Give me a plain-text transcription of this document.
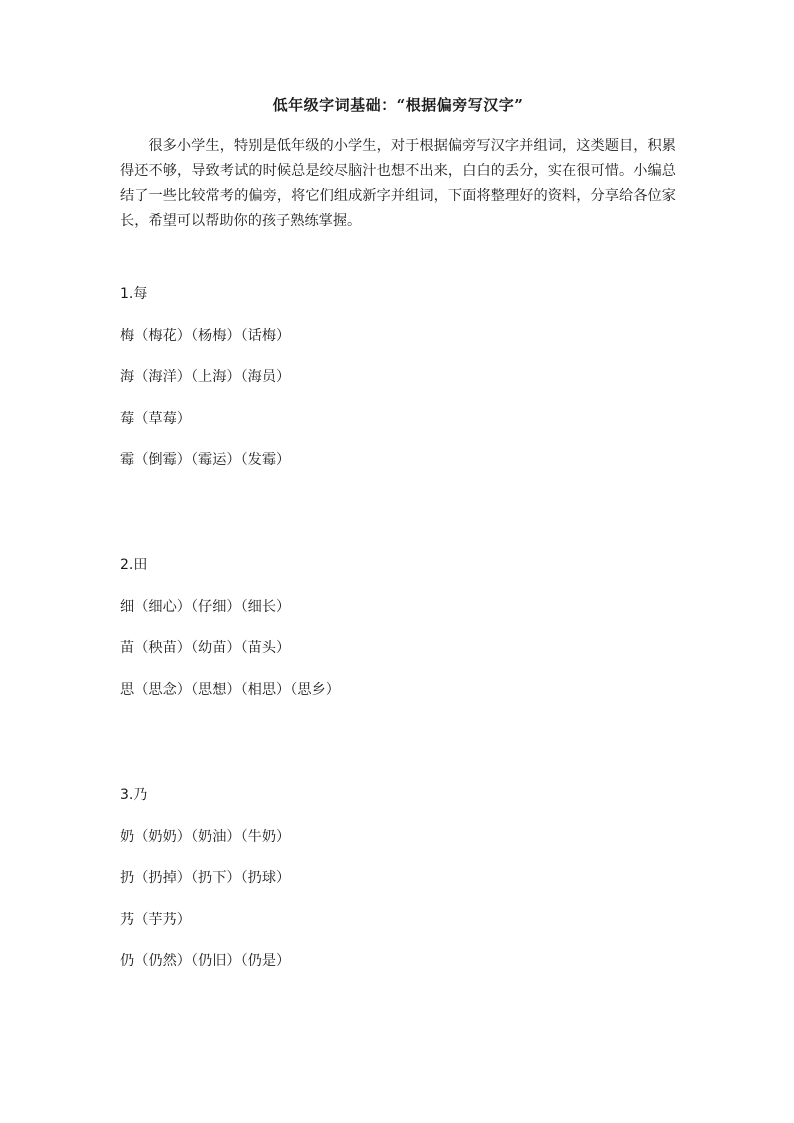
低年级字词基础：“根据偏旁写汉字”

很多小学生，特别是低年级的小学生，对于根据偏旁写汉字并组词，这类题目，积累得还不够，导致考试的时候总是绞尽脑汁也想不出来，白白的丢分，实在很可惜。小编总结了一些比较常考的偏旁，将它们组成新字并组词，下面将整理好的资料，分享给各位家长，希望可以帮助你的孩子熟练掌握。

1.每

梅（梅花）（杨梅）（话梅）

海（海洋）（上海）（海员）

莓（草莓）

霉（倒霉）（霉运）（发霉）

2.田

细（细心）（仔细）（细长）

苗（秧苗）（幼苗）（苗头）

思（思念）（思想）（相思）（思乡）

3.乃

奶（奶奶）（奶油）（牛奶）

扔（扔掉）（扔下）（扔球）

艿（芋艿）

仍（仍然）（仍旧）（仍是）
